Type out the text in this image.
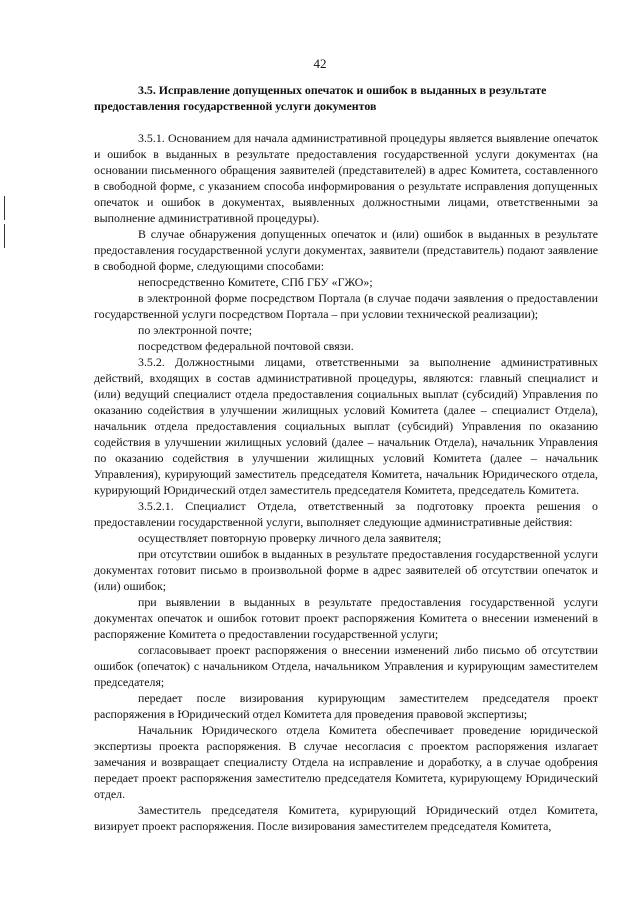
42

3.5. Исправление допущенных опечаток и ошибок в выданных в результате предоставления государственной услуги документов

3.5.1. Основанием для начала административной процедуры является выявление опечаток и ошибок в выданных в результате предоставления государственной услуги документах (на основании письменного обращения заявителей (представителей) в адрес Комитета, составленного в свободной форме, с указанием способа информирования о результате исправления допущенных опечаток и ошибок в документах, выявленных должностными лицами, ответственными за выполнение административной процедуры).

В случае обнаружения допущенных опечаток и (или) ошибок в выданных в результате предоставления государственной услуги документах, заявители (представитель) подают заявление в свободной форме, следующими способами:

непосредственно Комитете, СПб ГБУ «ГЖО»;

в электронной форме посредством Портала (в случае подачи заявления о предоставлении государственной услуги посредством Портала – при условии технической реализации);

по электронной почте;

посредством федеральной почтовой связи.

3.5.2. Должностными лицами, ответственными за выполнение административных действий, входящих в состав административной процедуры, являются: главный специалист и (или) ведущий специалист отдела предоставления социальных выплат (субсидий) Управления по оказанию содействия в улучшении жилищных условий Комитета (далее – специалист Отдела), начальник отдела предоставления социальных выплат (субсидий) Управления по оказанию содействия в улучшении жилищных условий (далее – начальник Отдела), начальник Управления по оказанию содействия в улучшении жилищных условий Комитета (далее – начальник Управления), курирующий заместитель председателя Комитета, начальник Юридического отдела, курирующий Юридический отдел заместитель председателя Комитета, председатель Комитета.

3.5.2.1. Специалист Отдела, ответственный за подготовку проекта решения о предоставлении государственной услуги, выполняет следующие административные действия:

осуществляет повторную проверку личного дела заявителя;

при отсутствии ошибок в выданных в результате предоставления государственной услуги документах готовит письмо в произвольной форме в адрес заявителей об отсутствии опечаток и (или) ошибок;

при выявлении в выданных в результате предоставления государственной услуги документах опечаток и ошибок готовит проект распоряжения Комитета о внесении изменений в распоряжение Комитета о предоставлении государственной услуги;

согласовывает проект распоряжения о внесении изменений либо письмо об отсутствии ошибок (опечаток) с начальником Отдела, начальником Управления и курирующим заместителем председателя;

передает после визирования курирующим заместителем председателя проект распоряжения в Юридический отдел Комитета для проведения правовой экспертизы;

Начальник Юридического отдела Комитета обеспечивает проведение юридической экспертизы проекта распоряжения. В случае несогласия с проектом распоряжения излагает замечания и возвращает специалисту Отдела на исправление и доработку, а в случае одобрения передает проект распоряжения заместителю председателя Комитета, курирующему Юридический отдел.

Заместитель председателя Комитета, курирующий Юридический отдел Комитета, визирует проект распоряжения. После визирования заместителем председателя Комитета,
